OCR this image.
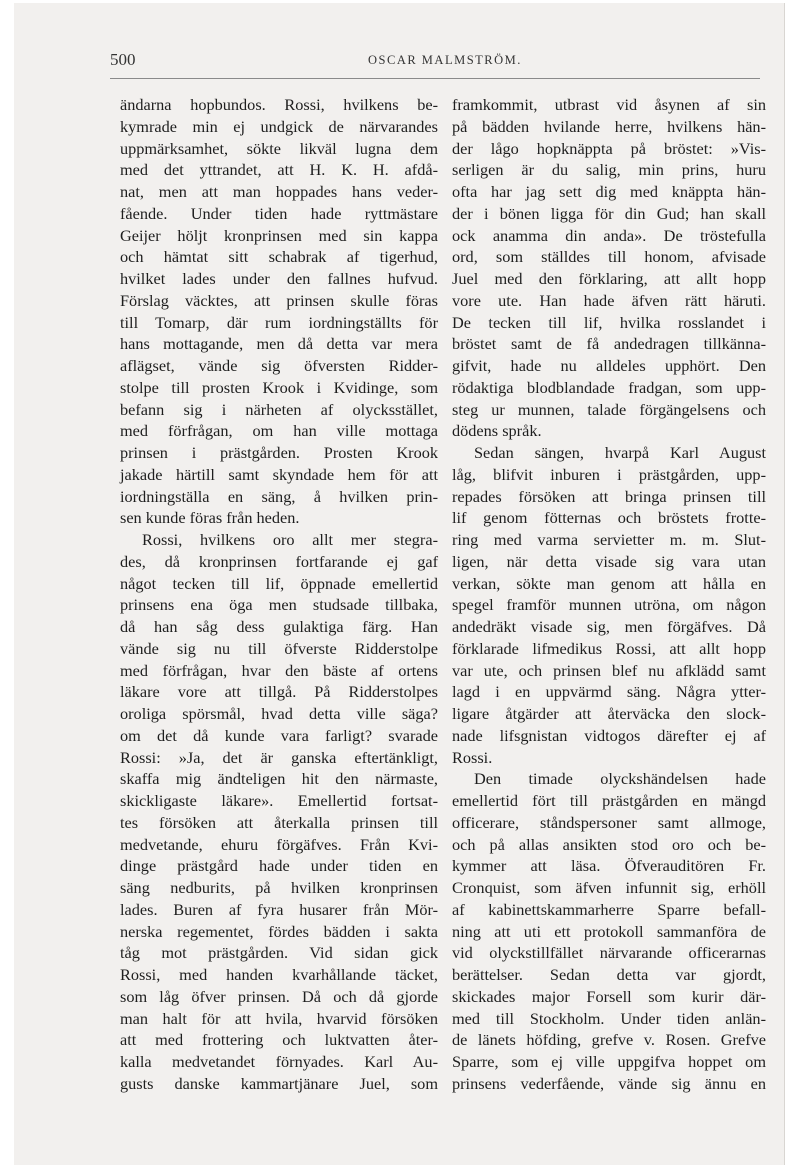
500	OSCAR MALMSTRÖM.
ändarna hopbundos. Rossi, hvilkens be-
kymrade min ej undgick de närvarandes
uppmärksamhet, sökte likväl lugna dem
med det yttrandet, att H. K. H. afdå-
nat, men att man hoppades hans veder-
fående. Under tiden hade ryttmästare
Geijer höljt kronprinsen med sin kappa
och hämtat sitt schabrak af tigerhud,
hvilket lades under den fallnes hufvud.
Förslag väcktes, att prinsen skulle föras
till Tomarp, där rum iordningställts för
hans mottagande, men då detta var mera
aflägset, vände sig öfversten Ridder-
stolpe till prosten Krook i Kvidinge, som
befann sig i närheten af olycksstället,
med förfrågan, om han ville mottaga
prinsen i prästgården. Prosten Krook
jakade härtill samt skyndade hem för att
iordningställa en säng, å hvilken prin-
sen kunde föras från heden.
Rossi, hvilkens oro allt mer stegra-
des, då kronprinsen fortfarande ej gaf
något tecken till lif, öppnade emellertid
prinsens ena öga men studsade tillbaka,
då han såg dess gulaktiga färg. Han
vände sig nu till öfverste Ridderstolpe
med förfrågan, hvar den bäste af ortens
läkare vore att tillgå. På Ridderstolpes
oroliga spörsmål, hvad detta ville säga?
om det då kunde vara farligt? svarade
Rossi: »Ja, det är ganska eftertänkligt,
skaffa mig ändteligen hit den närmaste,
skickligaste läkare». Emellertid fortsat-
tes försöken att återkalla prinsen till
medvetande, ehuru förgäfves. Från Kvi-
dinge prästgård hade under tiden en
säng nedburits, på hvilken kronprinsen
lades. Buren af fyra husarer från Mör-
nerska regementet, fördes bädden i sakta
tåg mot prästgården. Vid sidan gick
Rossi, med handen kvarhållande täcket,
som låg öfver prinsen. Då och då gjorde
man halt för att hvila, hvarvid försöken
att med frottering och luktvatten åter-
kalla medvetandet förnyades. Karl Au-
gusts danske kammartjänare Juel, som
framkommit, utbrast vid åsynen af sin
på bädden hvilande herre, hvilkens hän-
der lågo hopknäppta på bröstet: »Vis-
serligen är du salig, min prins, huru
ofta har jag sett dig med knäppta hän-
der i bönen ligga för din Gud; han skall
ock anamma din anda». De tröstefulla
ord, som ställdes till honom, afvisade
Juel med den förklaring, att allt hopp
vore ute. Han hade äfven rätt häruti.
De tecken till lif, hvilka rosslandet i
bröstet samt de få andedragen tillkänna-
gifvit, hade nu alldeles upphört. Den
rödaktiga blodblandade fradgan, som upp-
steg ur munnen, talade förgängelsens och
dödens språk.
Sedan sängen, hvarpå Karl August
låg, blifvit inburen i prästgården, upp-
repades försöken att bringa prinsen till
lif genom fötternas och bröstets frotte-
ring med varma servietter m. m. Slut-
ligen, när detta visade sig vara utan
verkan, sökte man genom att hålla en
spegel framför munnen utröna, om någon
andedräkt visade sig, men förgäfves. Då
förklarade lifmedikus Rossi, att allt hopp
var ute, och prinsen blef nu afklädd samt
lagd i en uppvärmd säng. Några ytter-
ligare åtgärder att återväcka den slock-
nade lifsgnistan vidtogos därefter ej af
Rossi.
Den timade olyckshändelsen hade
emellertid fört till prästgården en mängd
officerare, ståndspersoner samt allmoge,
och på allas ansikten stod oro och be-
kymmer att läsa. Öfverauditören Fr.
Cronquist, som äfven infunnit sig, erhöll
af kabinettskammarherre Sparre befall-
ning att uti ett protokoll sammanföra de
vid olyckstillfället närvarande officerarnas
berättelser. Sedan detta var gjordt,
skickades major Forsell som kurir där-
med till Stockholm. Under tiden anlän-
de länets höfding, grefve v. Rosen. Grefve
Sparre, som ej ville uppgifva hoppet om
prinsens vederfående, vände sig ännu en
